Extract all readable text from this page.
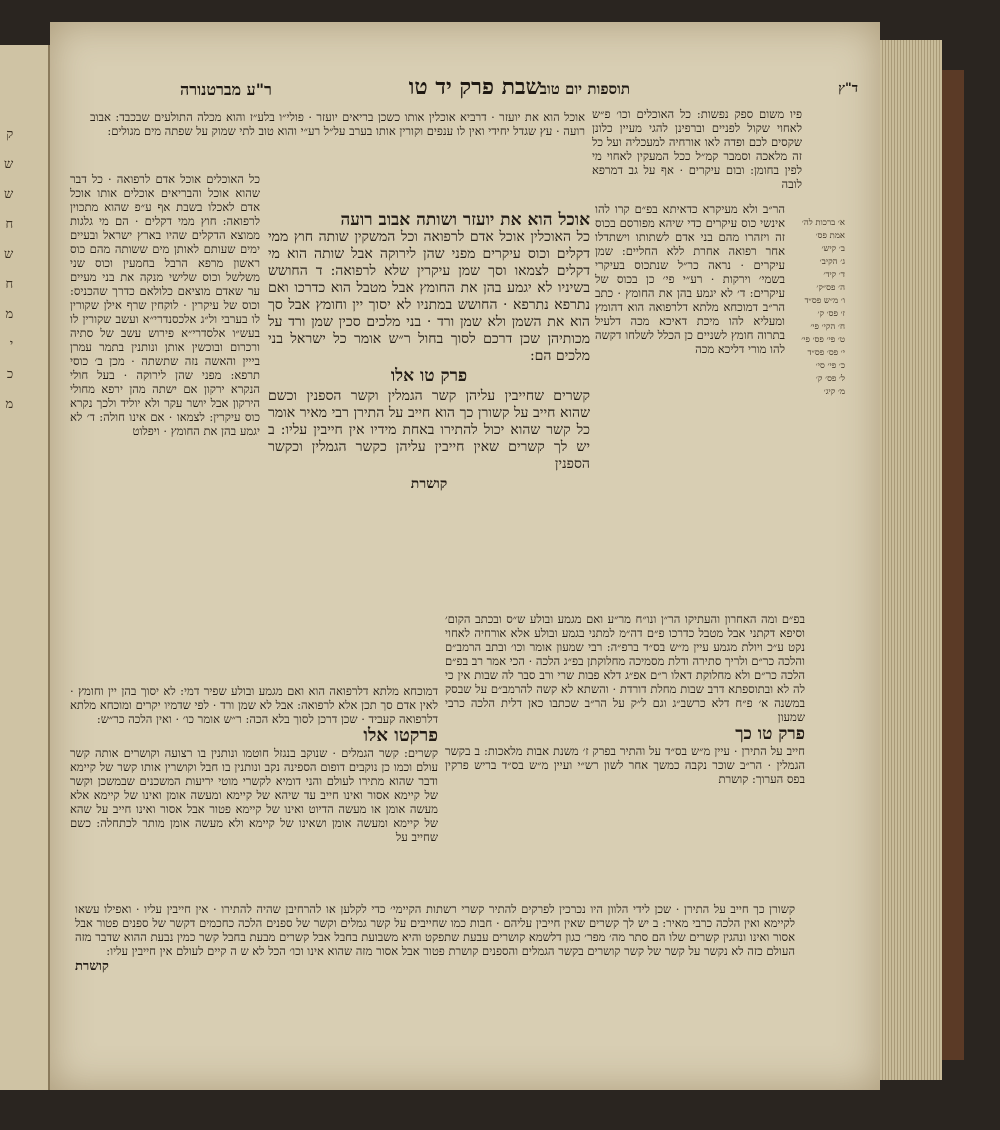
ק
ש
ש
ח
ש
ח
מ
י
כ
מ
ד"ץ
תוספות יום טוב
שבת פרק יד טו
ר"ע מברטנורה
פיו משום ספק נפשות: כל האוכלים וכו׳ פ״ש לאחוי שקול לפניים וברפינן להגי מעיין כלונן שקסים לכם ופדה לאו אורחיה למעכליה ועל כל זה מלאכה וסמבר קמ״ל ככל המעקין לאחוי מי לפין בחומן: ובום עיקרים · אף על גב דמרפא לובה
הר״ב ולא מעיקרא כדאיתא בפ״ם קרו להו אינשי כוס עיקרים כדי שיהא מפורסם בכוס זה ויזהרו מהם בני אדם לשתותו וישתדלו אחר רפואה אחרת ללא החליים: שמן עיקרים · נראה כר״ל שנתכוס בעיקרי בשמי׳ וירקות · רע״י פי׳ כן בכוס של עיקרים: ד׳ לא יגמע בהן את החומץ · כתב הר״ב דמוכחא מלתא דלרפואה הוא דהומץ ומעליא להו מיכת דאיכא מכה דלעיל בתרוה חומץ לשניים כן הכלל לשלחו דקשה להו מורי דליכא מכה
בפ״ם ומה האחרון והעתיקו הר״ן ונו״ח מר״ע ואם מגמע ובולע ש״ס ובכתב הקום׳ וסיפא דקתני אבל מטבל כדרכו פ״ם דה״מ למתני בגמע ובולע אלא אורחיה לאחוי נקט ע״כ ויולת מגמע עיין מ״ש בס״ד ברפ״ה: רבי שמעון אומר וכו׳ ובתב הרמב״ם והלכה כר״ם ולריך סתירה ודלת מסמיכה מחלוקתן בפ״ג הלכה · הכי אמר רב בפ״ם הלכה כר״ם ולא מחלוקת דאלו ר״ם אפ״ג דלא פבות שרי ורב סבר לה שבות אין כי לה לא ובתוספתא דרב שבות מחלת דורדת · והשתא לא קשה להרמב״ם על שבסק במשנה א׳ פ״ח דלא כרשב״ג וגם ל״ק על הר״ב שכתבו כאן דלית הלכה כרבי שמעון
פרק טו כך
חייב על התירן · עיין מ״ש בס״ד על והתיר בפרק ז׳ משנת אבות מלאכות: ב בקשר הגמלין · הר״ב שוכר נקבה כמשך אחר לשון רש״י ועיין מ״ש בס״ד בריש פרקין בפס הערוך: קושרת
א׳ ברכות לה׳
אמת פס׳
ב׳ קיש׳
ג׳ הקיב׳
ד׳ קיד׳
ה׳ פס״ק׳
ו׳ מ״ש פס״ד
ז׳ פס׳ ק׳
ח׳ הקי׳ פי׳
ט׳ פי׳ פס׳ פי׳
י׳ פס׳ פס״ד
כ׳ פי׳ סי׳
ל׳ פס׳ ק׳
מ׳ קיג׳
אוכל הוא את יועזר ושותה אבוב רועה
כל האוכלין אוכל אדם לרפואה וכל המשקין שותה חוץ ממי דקלים וכוס עיקרים מפני שהן לירוקה אבל שותה הוא מי דקלים לצמאו וסך שמן עיקרין שלא לרפואה: ד החושש בשיניו לא יגמע בהן את החומץ אבל מטבל הוא כדרכו ואם נתרפא נתרפא · החושש במתניו לא יסוך יין וחומץ אבל סך הוא את השמן ולא שמן ורד · בני מלכים סכין שמן ורד על מכותיהן שכן דרכם לסוך בחול ר״ש אומר כל ישראל בני מלכים הם:
פרק טו אלו
קשרים שחייבין עליהן קשר הגמלין וקשר הספנין וכשם שהוא חייב על קשורן כך הוא חייב על התירן רבי מאיר אומר כל קשר שהוא יכול להתירו באחת מידיו אין חייבין עליו: ב יש לך קשרים שאין חייבין עליהן כקשר הגמלין וכקשר הספנין
קושרת
אוכל הוא את יועזר · דרביא אוכלין אותו כשכן בריאים יועזר · פולי״ו בלע״ז והוא מכלה התולעים שבכבד: אבוב רועה · עץ שגדל יחידי ואין לו ענפים וקורין אותו בערב על״ל רע״י והוא טוב לתי שמוק על שפתה מים מגולים:
כל האוכלים אוכל אדם לרפואה · כל דבר שהוא אוכל והבריאים אוכלים אותו אוכל אדם לאכלו בשבת אף ע״פ שהוא מתכוין לרפואה: חוץ ממי דקלים · הם מי גלגות ממוצא הדקלים שהיו בארץ ישראל ובעיים ימים שעותם לאותן מים ששותה מהם כוס ראשון מרפא הרבל בחמעין וכוס שני משלשל וכוס שלישי מנקה את בני מעיים ער שאדם מוציאם כלולאם כדרך שהכניס: וכוס של עיקרין · לוקחין שרף אילן שקורין לו בערבי ול״ג אלכסנדרי״א ועשב שקורין לו בעש״ו אלסדרי״א פירוש עשב של סתיה ורכרום ובוכשין אותן ונותנין בתמר עמרן בייין והאשה נזה שתשתה · מכן ב׳ כוסי תרפא: מפני שהן לירוקה · בעל חולי הנקרא ירקון אם ישתה מהן ירפא מחולי הירקון אבל יושר עקר ולא יוליד ולכך נקרא כוס עיקרין: לצמאו · אם אינו חולה: ד׳ לא יגמע בהן את החומץ · ויפלוט
דמוכחא מלתא דלרפואה הוא ואם מגמע ובולע שפיר דמי: לא יסוך בהן יין וחומץ · לאין אדם סך תכן אלא לרפואה: אבל לא שמן ורד · לפי שדמיו יקרים ומוכחא מלתא דלרפואה קעביד · שכן דרכן לסוך בלא הכה: ר״ש אומר כו׳ · ואין הלכה כר״ש:
פרקטו אלו
קשרים: קשר הגמלים · שנוקב בנגזל חוטמו ונותנין בו רצועה וקושרים אותה קשר עולם וכמו כן נוקבים דופום הספינה נקב ונותנין בו חבל וקושרין אותו קשר של קיימא ודבר שהוא מתירו לעולם והני דומיא לקשרי מוטי יריעות המשכנים שבמשכן וקשר של קיימא אסור ואינו חייב עד שיהא של קיימא ומעשה אומן ואינו של קיימא אלא מעשה אומן או מעשה הדיוט ואינו של קיימא פטור אבל אסור ואינו חייב על שהא של קיימא ומעשה אומן ושאינו של קיימא ולא מעשה אומן מותר לכתחלה: כשם שחייב על
קשורן כך חייב על התירן · שכן לידי הלוון היו נכרכין לפרקים להתיר קשרי רשתות הקיימי׳ כדי לקלען או להרחיבן שהיה להתירו · אין חייבין עליו · ואפילו עשאו לקיימא ואין הלכה כרבי מאיר: ב יש לך קשרים שאין חייבין עליהם · חבות כמו שחייבים על קשר גמלים וקשר של ספנים הלכה כחכמים דקשר של ספנים פטור אבל אסור ואינו ונהגין קשרים שלו הם סתר מה׳ מפר׳ כגון דלשמא קושרים עבעת שתפקט והיא משבועת בחבל אבל קשרים מבעת בחבל קשר כמין נבעת ההוא שדבר מזה העולם כזה לא נקשר על קשר של קשר קושרים בקשר הגמלים והספנים קושרת פטור אבל אסור מזה שהוא אינו וכו׳ הכל לא ש ה קיים לעולם אין חייבין עליו:
קושרת
